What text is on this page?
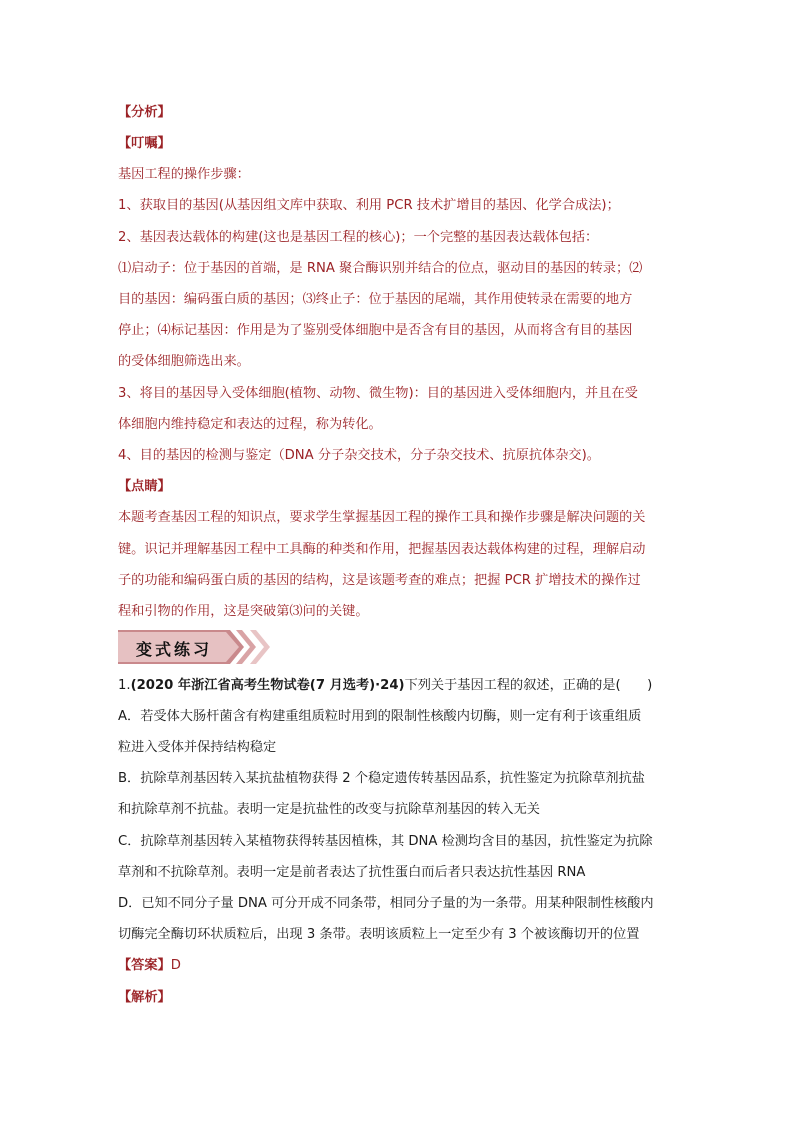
【分析】
【叮嘱】
基因工程的操作步骤：
1、获取目的基因(从基因组文库中获取、利用 PCR 技术扩增目的基因、化学合成法)；
2、基因表达载体的构建(这也是基因工程的核心)；一个完整的基因表达载体包括：
⑴启动子：位于基因的首端，是 RNA 聚合酶识别并结合的位点，驱动目的基因的转录；⑵
目的基因：编码蛋白质的基因；⑶终止子：位于基因的尾端，其作用使转录在需要的地方
停止；⑷标记基因：作用是为了鉴别受体细胞中是否含有目的基因，从而将含有目的基因
的受体细胞筛选出来。
3、将目的基因导入受体细胞(植物、动物、微生物)：目的基因进入受体细胞内，并且在受
体细胞内维持稳定和表达的过程，称为转化。
4、目的基因的检测与鉴定（DNA 分子杂交技术，分子杂交技术、抗原抗体杂交)。
【点睛】
本题考查基因工程的知识点，要求学生掌握基因工程的操作工具和操作步骤是解决问题的关
键。识记并理解基因工程中工具酶的种类和作用，把握基因表达载体构建的过程，理解启动
子的功能和编码蛋白质的基因的结构，这是该题考查的难点；把握 PCR 扩增技术的操作过
程和引物的作用，这是突破第⑶问的关键。
变式练习
1.(2020 年浙江省高考生物试卷(7 月选考)·24)下列关于基因工程的叙述，正确的是(　　)
A．若受体大肠杆菌含有构建重组质粒时用到的限制性核酸内切酶，则一定有利于该重组质
粒进入受体并保持结构稳定
B．抗除草剂基因转入某抗盐植物获得 2 个稳定遗传转基因品系，抗性鉴定为抗除草剂抗盐
和抗除草剂不抗盐。表明一定是抗盐性的改变与抗除草剂基因的转入无关
C．抗除草剂基因转入某植物获得转基因植株，其 DNA 检测均含目的基因，抗性鉴定为抗除
草剂和不抗除草剂。表明一定是前者表达了抗性蛋白而后者只表达抗性基因 RNA
D．已知不同分子量 DNA 可分开成不同条带，相同分子量的为一条带。用某种限制性核酸内
切酶完全酶切环状质粒后，出现 3 条带。表明该质粒上一定至少有 3 个被该酶切开的位置
【答案】D
【解析】
